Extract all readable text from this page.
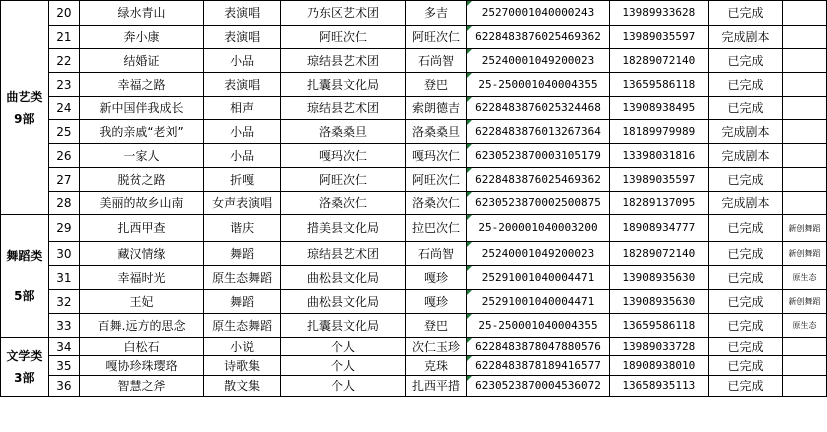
曲艺类
9部	20	绿水青山	表演唱	乃东区艺术团	多吉	25270001040000243	13989933628	已完成	
	21	奔小康	表演唱	阿旺次仁	阿旺次仁	6228483876025469362	13989035597	完成剧本	
	22	结婚证	小品	琼结县艺术团	石尚智	25240001049200023	18289072140	已完成	
	23	幸福之路	表演唱	扎囊县文化局	登巴	25-250001040004355	13659586118	已完成	
	24	新中国伴我成长	相声	琼结县艺术团	索朗德吉	6228483876025324468	13908938495	已完成	
	25	我的亲戚“老刘”	小品	洛桑桑旦	洛桑桑旦	6228483876013267364	18189979989	完成剧本	
	26	一家人	小品	嘎玛次仁	嘎玛次仁	6230523870003105179	13398031816	完成剧本	
	27	脱贫之路	折嘎	阿旺次仁	阿旺次仁	6228483876025469362	13989035597	已完成	
	28	美丽的故乡山南	女声表演唱	洛桑次仁	洛桑次仁	6230523870002500875	18289137095	完成剧本	

舞蹈类
5部	29	扎西甲查	谐庆	措美县文化局	拉巴次仁	25-200001040003200	18908934777	已完成	新创舞蹈
	30	藏汉情缘	舞蹈	琼结县艺术团	石尚智	25240001049200023	18289072140	已完成	新创舞蹈
	31	幸福时光	原生态舞蹈	曲松县文化局	嘎珍	25291001040004471	13908935630	已完成	原生态
	32	王妃	舞蹈	曲松县文化局	嘎珍	25291001040004471	13908935630	已完成	新创舞蹈
	33	百舞.远方的思念	原生态舞蹈	扎囊县文化局	登巴	25-250001040004355	13659586118	已完成	原生态

文学类
3部	34	白松石	小说	个人	次仁玉珍	6228483878047880576	13989033728	已完成	
	35	嘎协珍珠璎珞	诗歌集	个人	克珠	6228483878189416577	18908938010	已完成	
	36	智慧之斧	散文集	个人	扎西平措	6230523870004536072	13658935113	已完成	
